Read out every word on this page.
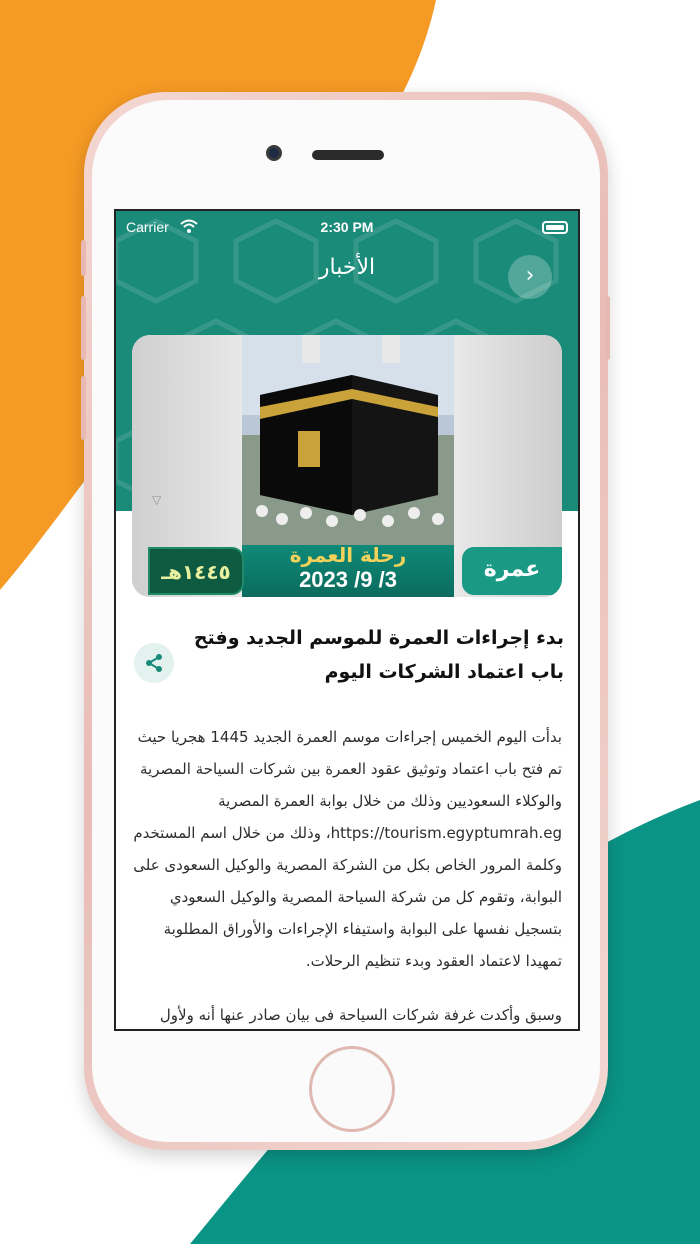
Carrier	2:30 PM
الأخبار	›
▽
رحلة العمرة
2023 /9 /3	عمرة
١٤٤٥هـ
بدء إجراءات العمرة للموسم الجديد وفتح باب اعتماد الشركات اليوم

بدأت اليوم الخميس إجراءات موسم العمرة الجديد 1445 هجريا حيث تم فتح باب اعتماد وتوثيق عقود العمرة بين شركات السياحة المصرية والوكلاء السعوديين وذلك من خلال بوابة العمرة المصرية https://tourism.egyptumrah.eg، وذلك من خلال اسم المستخدم وكلمة المرور الخاص بكل من الشركة المصرية والوكيل السعودى على البوابة، وتقوم كل من شركة السياحة المصرية والوكيل السعودي بتسجيل نفسها على البوابة واستيفاء الإجراءات والأوراق المطلوبة تمهيدا لاعتماد العقود وبدء تنظيم الرحلات.

وسبق وأكدت غرفة شركات السياحة فى بيان صادر عنها أنه ولأول
